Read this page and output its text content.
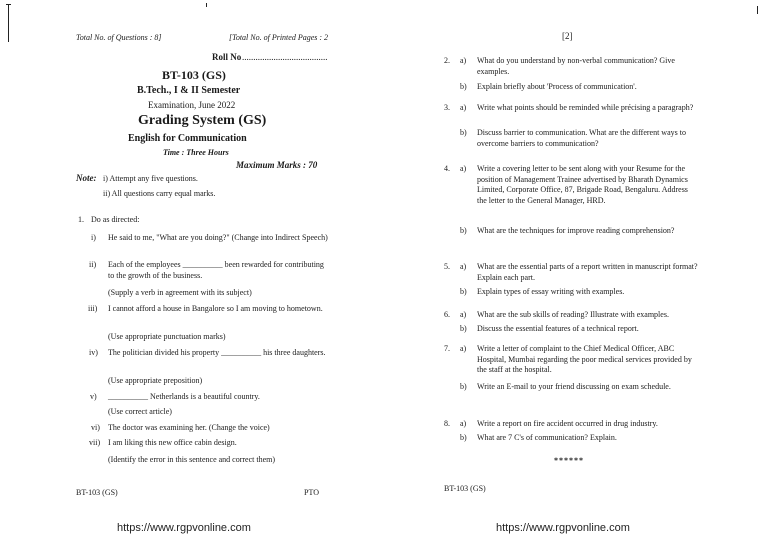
Total No. of Questions : 8]	[Total No. of Printed Pages : 2
Roll No ......................................
BT-103 (GS)
B.Tech., I & II Semester
Examination, June 2022
Grading System (GS)
English for Communication
Time : Three Hours
Maximum Marks : 70
Note: i) Attempt any five questions.
ii) All questions carry equal marks.
1. Do as directed:
i) He said to me, "What are you doing?" (Change into Indirect Speech)
ii) Each of the employees __________ been rewarded for contributing to the growth of the business.
(Supply a verb in agreement with its subject)
iii) I cannot afford a house in Bangalore so I am moving to hometown.
(Use appropriate punctuation marks)
iv) The politician divided his property __________ his three daughters.
(Use appropriate preposition)
v) __________ Netherlands is a beautiful country.
(Use correct article)
vi) The doctor was examining her. (Change the voice)
vii) I am liking this new office cabin design.
(Identify the error in this sentence and correct them)
BT-103 (GS)	PTO
https://www.rgpvonline.com
[2]
2. a) What do you understand by non-verbal communication? Give examples.
b) Explain briefly about 'Process of communication'.
3. a) Write what points should be reminded while précising a paragraph?
b) Discuss barrier to communication. What are the different ways to overcome barriers to communication?
4. a) Write a covering letter to be sent along with your Resume for the position of Management Trainee advertised by Bharath Dynamics Limited, Corporate Office, 87, Brigade Road, Bengaluru. Address the letter to the General Manager, HRD.
b) What are the techniques for improve reading comprehension?
5. a) What are the essential parts of a report written in manuscript format? Explain each part.
b) Explain types of essay writing with examples.
6. a) What are the sub skills of reading? Illustrate with examples.
b) Discuss the essential features of a technical report.
7. a) Write a letter of complaint to the Chief Medical Officer, ABC Hospital, Mumbai regarding the poor medical services provided by the staff at the hospital.
b) Write an E-mail to your friend discussing on exam schedule.
8. a) Write a report on fire accident occurred in drug industry.
b) What are 7 C's of communication? Explain.
******
BT-103 (GS)
https://www.rgpvonline.com
